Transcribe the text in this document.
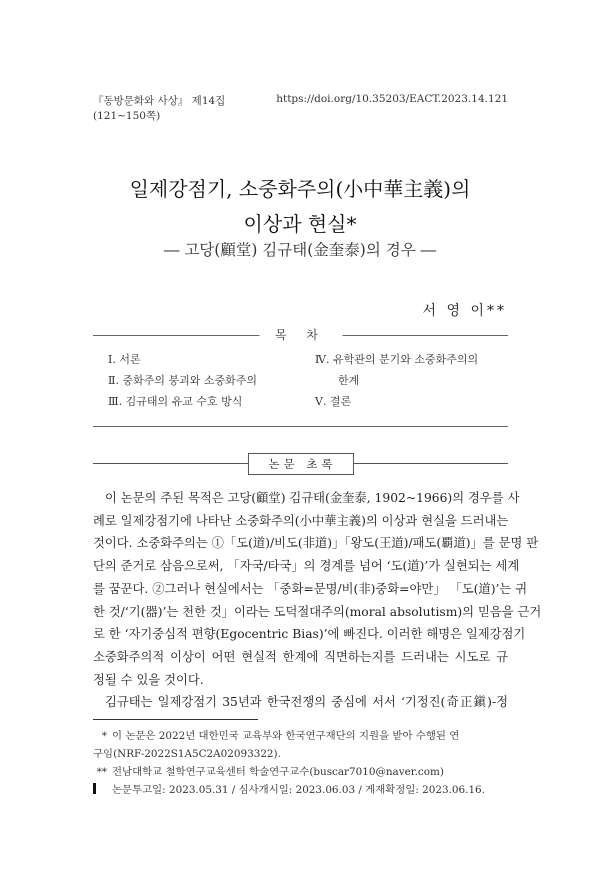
『동방문화와 사상』 제14집(121~150쪽)
https://doi.org/10.35203/EACT.2023.14.121
일제강점기, 소중화주의(小中華主義)의
이상과 현실*
― 고당(顧堂) 김규태(金奎泰)의 경우 ―
서 영 이**
목 차
Ⅰ. 서론
Ⅱ. 중화주의 붕괴와 소중화주의
Ⅲ. 김규태의 유교 수호 방식
Ⅳ. 유학관의 분기와 소중화주의의
한계
Ⅴ. 결론
논문 초록

이 논문의 주된 목적은 고당(顧堂) 김규태(金奎泰, 1902~1966)의 경우를 사
례로 일제강점기에 나타난 소중화주의(小中華主義)의 이상과 현실을 드러내는
것이다. 소중화주의는 ①「도(道)/비도(非道)」「왕도(王道)/패도(覇道)」를 문명 판
단의 준거로 삼음으로써, 「자국/타국」의 경계를 넘어 ‘도(道)’가 실현되는 세계
를 꿈꾼다. ②그러나 현실에서는 「중화=문명/비(非)중화=야만」 「도(道)’는 귀
한 것/‘기(器)’는 천한 것」이라는 도덕절대주의(moral absolutism)의 믿음을 근거
로 한 ‘자기중심적 편향(Egocentric Bias)’에 빠진다. 이러한 해명은 일제강점기
소중화주의적 이상이 어떤 현실적 한계에 직면하는지를 드러내는 시도로 규
정될 수 있을 것이다.

김규태는 일제강점기 35년과 한국전쟁의 중심에 서서 ‘기정진(奇正鎭)-정
* 이 논문은 2022년 대한민국 교육부와 한국연구재단의 지원을 받아 수행된 연
구임(NRF-2022S1A5C2A02093322).
** 전남대학교 철학연구교육센터 학술연구교수(buscar7010@naver.com)
논문투고일: 2023.05.31 / 심사개시일: 2023.06.03 / 게재확정일: 2023.06.16.
